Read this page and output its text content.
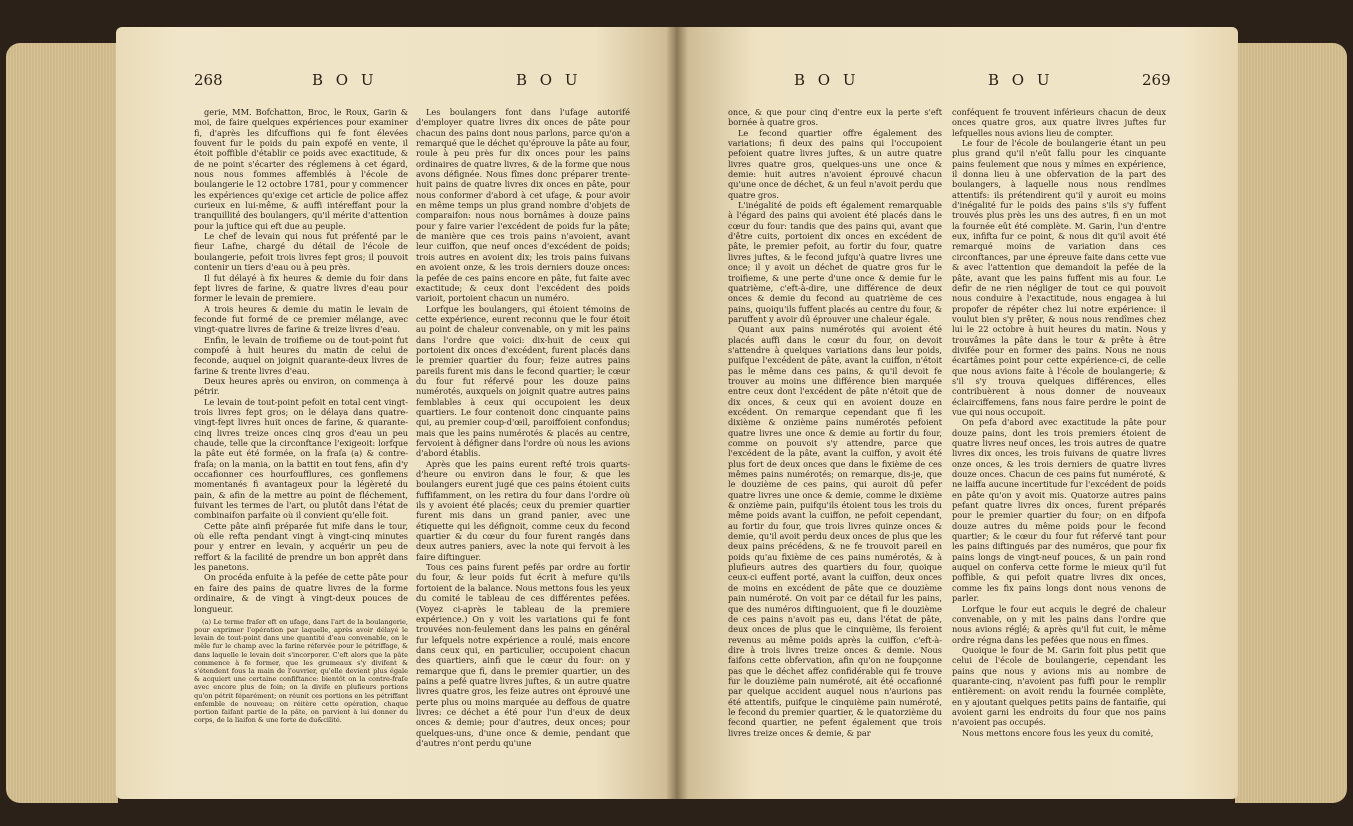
268	B O U	B O U

gerie, MM. Bofchatton, Broc, le Roux, Garin & moi, de faire quelques expériences pour examiner fi, d'après les difcuffions qui fe font élevées fouvent fur le poids du pain expofé en vente, il étoit poffible d'établir ce poids avec exactitude, & de ne point s'écarter des réglemens à cet égard, nous nous fommes affemblés à l'école de boulangerie le 12 octobre 1781, pour y commencer les expériences qu'exige cet article de police affez curieux en lui-même, & auffi intéreffant pour la tranquillité des boulangers, qu'il mérite d'attention pour la juftice qui eft due au peuple.

Le chef de levain qui nous fut préfenté par le fieur Lafne, chargé du détail de l'école de boulangerie, pefoit trois livres fept gros; il pouvoit contenir un tiers d'eau ou à peu près.

Il fut délayé à fix heures & demie du foir dans fept livres de farine, & quatre livres d'eau pour former le levain de premiere.

A trois heures & demie du matin le levain de feconde fut formé de ce premier mélange, avec vingt-quatre livres de farine & treize livres d'eau.

Enfin, le levain de troifieme ou de tout-point fut compofé à huit heures du matin de celui de feconde, auquel on joignit quarante-deux livres de farine & trente livres d'eau.

Deux heures après ou environ, on commença à pétrir.

Le levain de tout-point pefoit en total cent vingt-trois livres fept gros; on le délaya dans quatre-vingt-fept livres huit onces de farine, & quarante-cinq livres treize onces cinq gros d'eau un peu chaude, telle que la circonftance l'exigeoit: lorfque la pâte eut été formée, on la fraſa (a) & contre-fraſa; on la mania, on la battit en tout fens, afin d'y occafionner ces hourfoufflures, ces gonflemens momentanés fi avantageux pour la légèreté du pain, & afin de la mettre au point de fléchement, fuivant les termes de l'art, ou plutôt dans l'état de combinaifon parfaite où il convient qu'elle foit.

Cette pâte ainfi préparée fut mife dans le tour, où elle refta pendant vingt à vingt-cinq minutes pour y entrer en levain, y acquérir un peu de reffort & la facilité de prendre un bon apprêt dans les panetons.

On procéda enfuite à la pefée de cette pâte pour en faire des pains de quatre livres de la forme ordinaire, & de vingt à vingt-deux pouces de longueur.

(a) Le terme fraſer eft en ufage, dans l'art de la boulangerie, pour exprimer l'opération par laquelle, après avoir délayé le levain de tout-point dans une quantité d'eau convenable, on le mêle fur le champ avec la farine réfervée pour le pétriffage, & dans laquelle le levain doit s'incorporer. C'eft alors que la pâte commence à fe former, que les grumeaux s'y divifent & s'étendent fous la main de l'ouvrier, qu'elle devient plus égale & acquiert une certaine confiftance: bientôt on la contre-fraſe avec encore plus de foin; on la divife en plufieurs portions qu'on pétrit féparément; on réunit ces portions en les pétriffant enfemble de nouveau; on réitère cette opération, chaque portion faifant partie de la pâte, on parvient à lui donner du corps, de la liaifon & une forte de du&cilité.

Les boulangers font dans l'ufage autorifé d'employer quatre livres dix onces de pâte pour chacun des pains dont nous parlons, parce qu'on a remarqué que le déchet qu'éprouve la pâte au four, roule à peu près fur dix onces pour les pains ordinaires de quatre livres, & de la forme que nous avons défignée. Nous fîmes donc préparer trente-huit pains de quatre livres dix onces en pâte, pour nous conformer d'abord à cet ufage, & pour avoir en même temps un plus grand nombre d'objets de comparaifon: nous nous bornâmes à douze pains pour y faire varier l'excédent de poids fur la pâte; de manière que ces trois pains n'avoient, avant leur cuiffon, que neuf onces d'excédent de poids; trois autres en avoient dix; les trois pains fuivans en avoient onze, & les trois derniers douze onces: la pefée de ces pains encore en pâte, fut faite avec exactitude; & ceux dont l'excédent des poids varioit, portoient chacun un numéro.

Lorfque les boulangers, qui étoient témoins de cette expérience, eurent reconnu que le four étoit au point de chaleur convenable, on y mit les pains dans l'ordre que voici: dix-huit de ceux qui portoient dix onces d'excédent, furent placés dans le premier quartier du four; feize autres pains pareils furent mis dans le fecond quartier; le cœur du four fut réfervé pour les douze pains numérotés, auxquels on joignit quatre autres pains femblables à ceux qui occupoient les deux quartiers. Le four contenoit donc cinquante pains qui, au premier coup-d'œil, paroiffoient confondus; mais que les pains numérotés & placés au centre, fervoient à défigner dans l'ordre où nous les avions d'abord établis.

Après que les pains eurent refté trois quarts-d'heure ou environ dans le four, & que les boulangers eurent jugé que ces pains étoient cuits fuffifamment, on les retira du four dans l'ordre où ils y avoient été placés; ceux du premier quartier furent mis dans un grand panier, avec une étiquette qui les défignoit, comme ceux du fecond quartier & du cœur du four furent rangés dans deux autres paniers, avec la note qui fervoit à les faire diftinguer.

Tous ces pains furent pefés par ordre au fortir du four, & leur poids fut écrit à mefure qu'ils fortoient de la balance. Nous mettons fous les yeux du comité le tableau de ces différentes pefées. (Voyez ci-après le tableau de la premiere expérience.) On y voit les variations qui fe font trouvées non-feulement dans les pains en général fur lefquels notre expérience a roulé, mais encore dans ceux qui, en particulier, occupoient chacun des quartiers, ainfi que le cœur du four: on y remarque que fi, dans le premier quartier, un des pains a pefé quatre livres juftes, & un autre quatre livres quatre gros, les feize autres ont éprouvé une perte plus ou moins marquée au deffous de quatre livres: ce déchet a été pour l'un d'eux de deux onces & demie; pour d'autres, deux onces; pour quelques-uns, d'une once & demie, pendant que d'autres n'ont perdu qu'une

B O U	B O U	269

once, & que pour cinq d'entre eux la perte s'eft bornée à quatre gros.

Le fecond quartier offre également des variations; fi deux des pains qui l'occupoient pefoient quatre livres juftes, & un autre quatre livres quatre gros, quelques-uns une once & demie: huit autres n'avoient éprouvé chacun qu'une once de déchet, & un feul n'avoit perdu que quatre gros.

L'inégalité de poids eft également remarquable à l'égard des pains qui avoient été placés dans le cœur du four: tandis que des pains qui, avant que d'être cuits, portoient dix onces en excédent de pâte, le premier pefoit, au fortir du four, quatre livres juftes, & le fecond jufqu'à quatre livres une once; il y avoit un déchet de quatre gros fur le troifieme, & une perte d'une once & demie fur le quatrième, c'eft-à-dire, une différence de deux onces & demie du fecond au quatrième de ces pains, quoiqu'ils fuffent placés au centre du four, & paruffent y avoir dû éprouver une chaleur égale.

Quant aux pains numérotés qui avoient été placés auffi dans le cœur du four, on devoit s'attendre à quelques variations dans leur poids, puifque l'excédent de pâte, avant la cuiffon, n'étoit pas le même dans ces pains, & qu'il devoit fe trouver au moins une différence bien marquée entre ceux dont l'excédent de pâte n'étoit que de dix onces, & ceux qui en avoient douze en excédent. On remarque cependant que fi les dixième & onzième pains numérotés pefoient quatre livres une once & demie au fortir du four, comme on pouvoit s'y attendre, parce que l'excédent de la pâte, avant la cuiffon, y avoit été plus fort de deux onces que dans le fixième de ces mêmes pains numérotés; on remarque, dis-je, que le douzième de ces pains, qui auroit dû pefer quatre livres une once & demie, comme le dixième & onzième pain, puifqu'ils étoient tous les trois du même poids avant la cuiffon, ne pefoit cependant, au fortir du four, que trois livres quinze onces & demie, qu'il avoit perdu deux onces de plus que les deux pains précédens, & ne fe trouvoit pareil en poids qu'au fixième de ces pains numérotés, & à plufieurs autres des quartiers du four, quoique ceux-ci euffent porté, avant la cuiffon, deux onces de moins en excédent de pâte que ce douzième pain numéroté. On voit par ce détail fur les pains, que des numéros diftinguoient, que fi le douzième de ces pains n'avoit pas eu, dans l'état de pâte, deux onces de plus que le cinquième, ils feroient revenus au même poids après la cuiffon, c'eft-à-dire à trois livres treize onces & demie. Nous faifons cette obfervation, afin qu'on ne foupçonne pas que le déchet affez confidérable qui fe trouve fur le douzième pain numéroté, ait été occafionné par quelque accident auquel nous n'aurions pas été attentifs, puifque le cinquième pain numéroté, le fecond du premier quartier, & le quatorzième du fecond quartier, ne pefent également que trois livres treize onces & demie, & par

conféquent fe trouvent inférieurs chacun de deux onces quatre gros, aux quatre livres juftes fur lefquelles nous avions lieu de compter.

Le four de l'école de boulangerie étant un peu plus grand qu'il n'eût fallu pour les cinquante pains feulement que nous y mîmes en expérience, il donna lieu à une obfervation de la part des boulangers, à laquelle nous nous rendîmes attentifs: ils prétendirent qu'il y auroit eu moins d'inégalité fur le poids des pains s'ils s'y fuffent trouvés plus près les uns des autres, fi en un mot la fournée eût été complète. M. Garin, l'un d'entre eux, infifta fur ce point, & nous dit qu'il avoit été remarqué moins de variation dans ces circonftances, par une épreuve faite dans cette vue & avec l'attention que demandoit la pefée de la pâte, avant que les pains fuffent mis au four. Le defir de ne rien négliger de tout ce qui pouvoit nous conduire à l'exactitude, nous engagea à lui propofer de répéter chez lui notre expérience: il voulut bien s'y prêter, & nous nous rendîmes chez lui le 22 octobre à huit heures du matin. Nous y trouvâmes la pâte dans le tour & prête à être divifée pour en former des pains. Nous ne nous écartâmes point pour cette expérience-ci, de celle que nous avions faite à l'école de boulangerie; & s'il s'y trouva quelques différences, elles contribuèrent à nous donner de nouveaux éclairciffemens, fans nous faire perdre le point de vue qui nous occupoit.

On pefa d'abord avec exactitude la pâte pour douze pains, dont les trois premiers étoient de quatre livres neuf onces, les trois autres de quatre livres dix onces, les trois fuivans de quatre livres onze onces, & les trois derniers de quatre livres douze onces. Chacun de ces pains fut numéroté, & ne laiffa aucune incertitude fur l'excédent de poids en pâte qu'on y avoit mis. Quatorze autres pains pefant quatre livres dix onces, furent préparés pour le premier quartier du four; on en difpofa douze autres du même poids pour le fecond quartier; & le cœur du four fut réfervé tant pour les pains diftingués par des numéros, que pour fix pains longs de vingt-neuf pouces, & un pain rond auquel on conferva cette forme le mieux qu'il fut poffible, & qui pefoit quatre livres dix onces, comme les fix pains longs dont nous venons de parler.

Lorfque le four eut acquis le degré de chaleur convenable, on y mit les pains dans l'ordre que nous avions réglé; & après qu'il fut cuit, le même ordre régna dans les pefées que nous en fîmes.

Quoique le four de M. Garin foit plus petit que celui de l'école de boulangerie, cependant les pains que nous y avions mis au nombre de quarante-cinq, n'avoient pas fuffi pour le remplir entièrement: on avoit rendu la fournée complète, en y ajoutant quelques petits pains de fantaifie, qui avoient garni les endroits du four que nos pains n'avoient pas occupés.

Nous mettons encore fous les yeux du comité,
